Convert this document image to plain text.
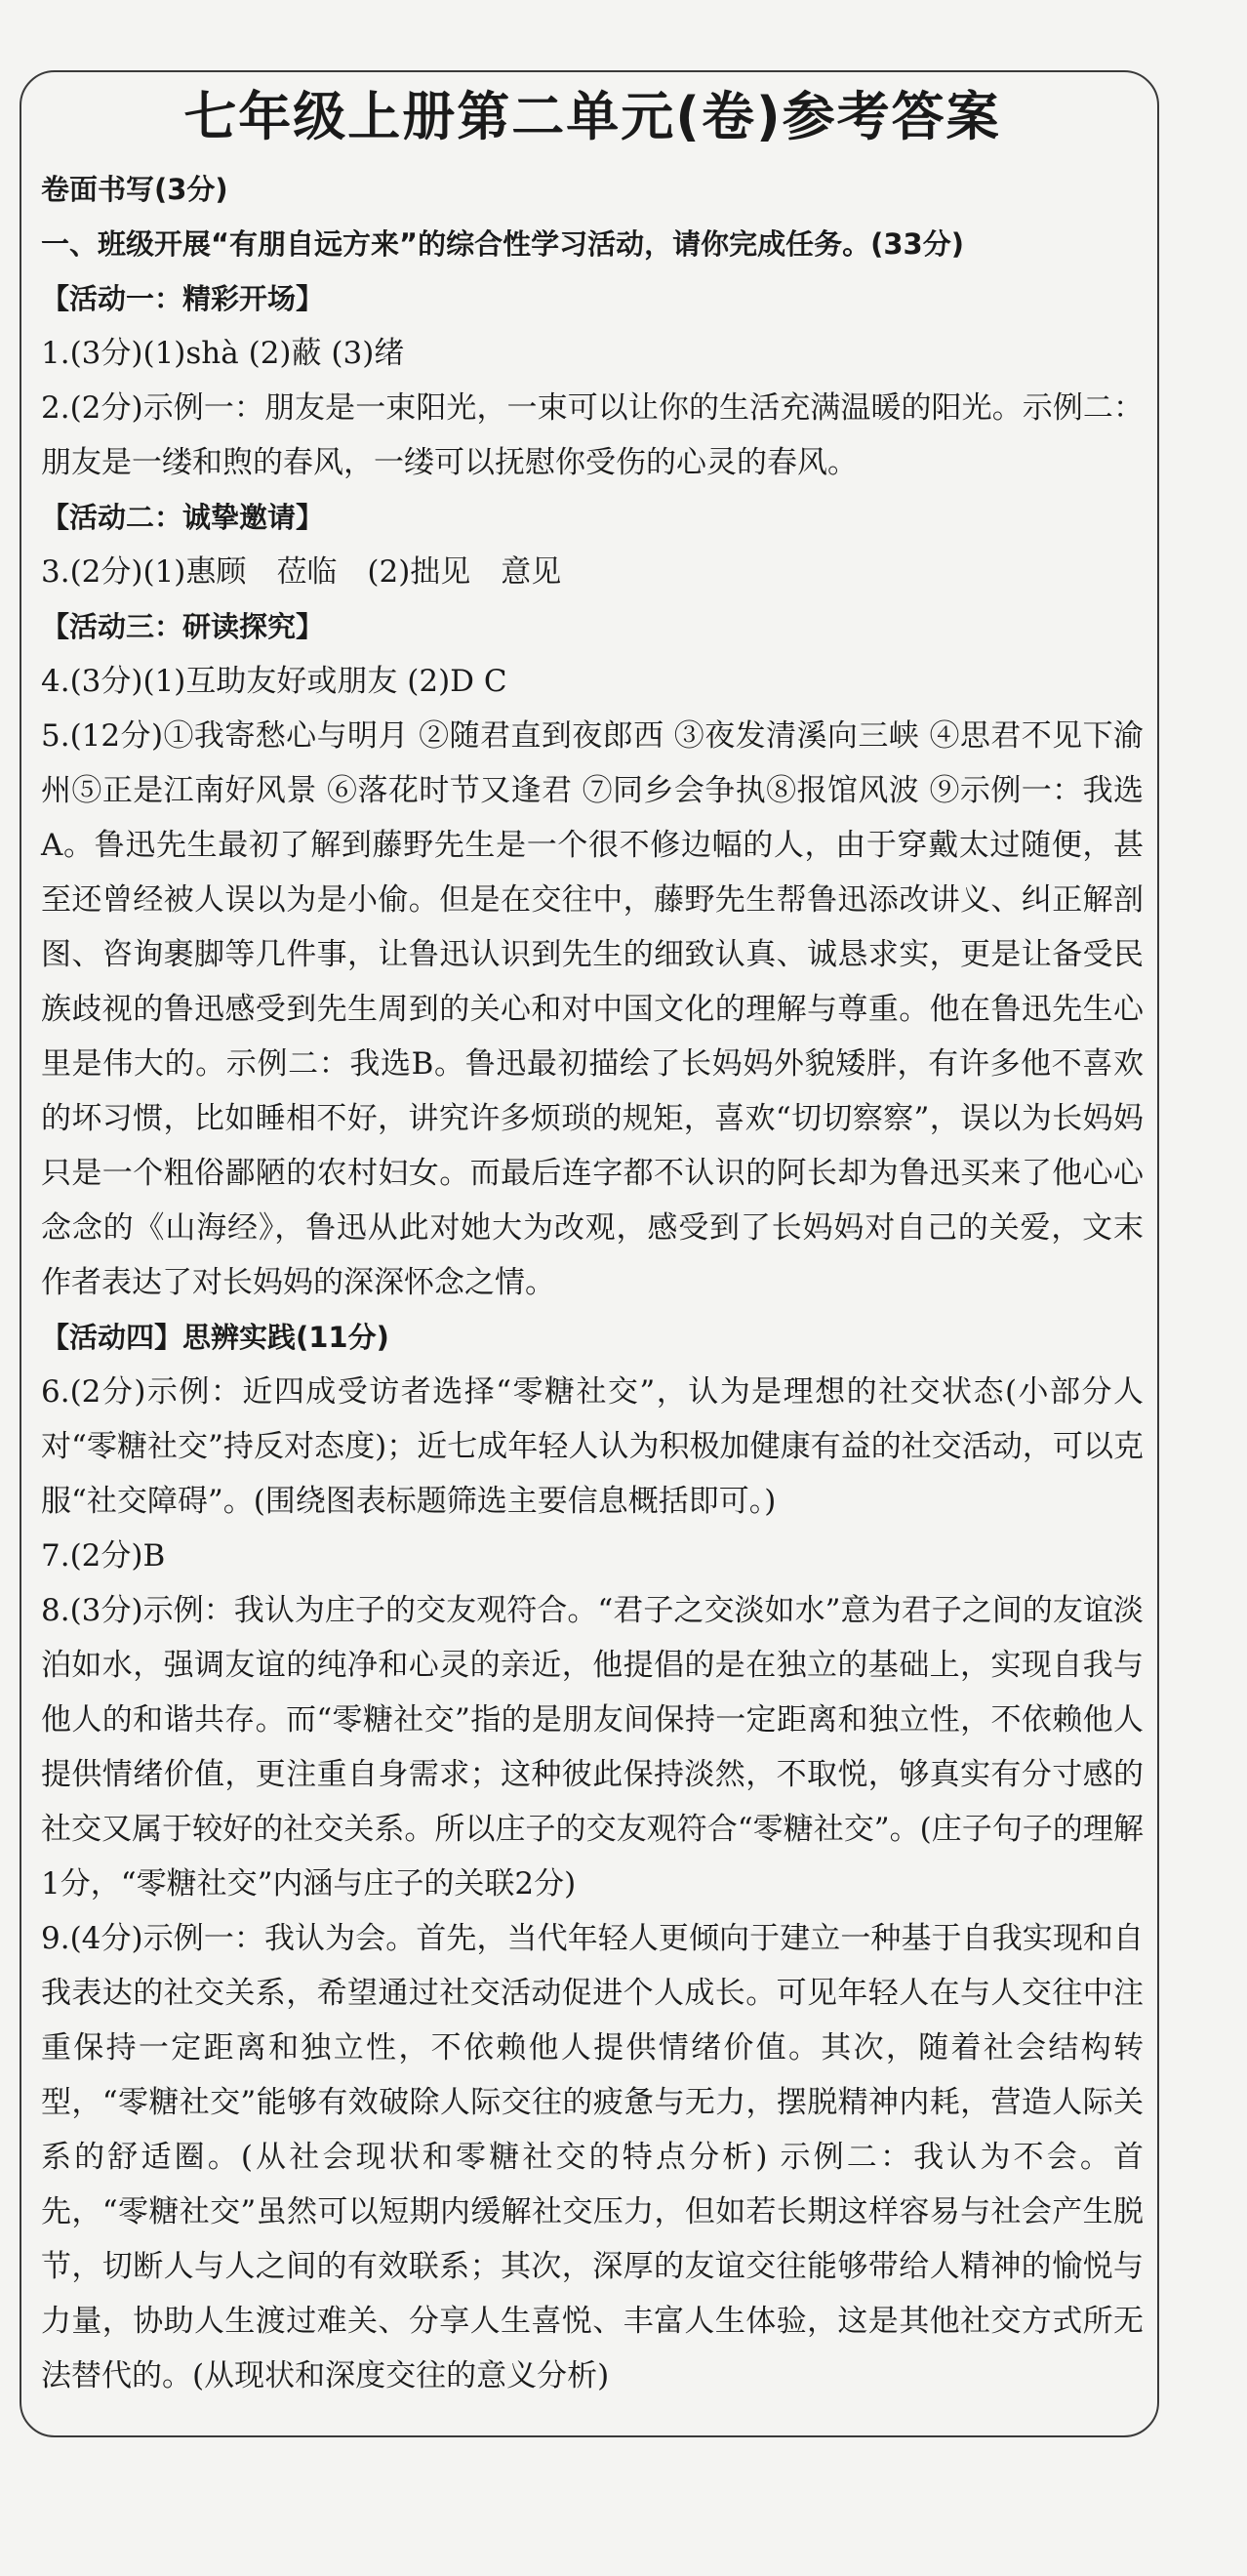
七年级上册第二单元(卷)参考答案
卷面书写(3分)
一、班级开展“有朋自远方来”的综合性学习活动，请你完成任务。(33分)
【活动一：精彩开场】
1.(3分)(1)shà (2)蔽 (3)绪
2.(2分)示例一：朋友是一束阳光，一束可以让你的生活充满温暖的阳光。示例二：朋友是一缕和煦的春风，一缕可以抚慰你受伤的心灵的春风。
【活动二：诚挚邀请】
3.(2分)(1)惠顾　莅临　(2)拙见　意见
【活动三：研读探究】
4.(3分)(1)互助友好或朋友 (2)D C
5.(12分)①我寄愁心与明月 ②随君直到夜郎西 ③夜发清溪向三峡 ④思君不见下渝州⑤正是江南好风景 ⑥落花时节又逢君 ⑦同乡会争执⑧报馆风波 ⑨示例一：我选A。鲁迅先生最初了解到藤野先生是一个很不修边幅的人，由于穿戴太过随便，甚至还曾经被人误以为是小偷。但是在交往中，藤野先生帮鲁迅添改讲义、纠正解剖图、咨询裹脚等几件事，让鲁迅认识到先生的细致认真、诚恳求实，更是让备受民族歧视的鲁迅感受到先生周到的关心和对中国文化的理解与尊重。他在鲁迅先生心里是伟大的。示例二：我选B。鲁迅最初描绘了长妈妈外貌矮胖，有许多他不喜欢的坏习惯，比如睡相不好，讲究许多烦琐的规矩，喜欢“切切察察”，误以为长妈妈只是一个粗俗鄙陋的农村妇女。而最后连字都不认识的阿长却为鲁迅买来了他心心念念的《山海经》，鲁迅从此对她大为改观，感受到了长妈妈对自己的关爱，文末作者表达了对长妈妈的深深怀念之情。
【活动四】思辨实践(11分)
6.(2分)示例：近四成受访者选择“零糖社交”，认为是理想的社交状态(小部分人对“零糖社交”持反对态度)；近七成年轻人认为积极加健康有益的社交活动，可以克服“社交障碍”。(围绕图表标题筛选主要信息概括即可。)
7.(2分)B
8.(3分)示例：我认为庄子的交友观符合。“君子之交淡如水”意为君子之间的友谊淡泊如水，强调友谊的纯净和心灵的亲近，他提倡的是在独立的基础上，实现自我与他人的和谐共存。而“零糖社交”指的是朋友间保持一定距离和独立性，不依赖他人提供情绪价值，更注重自身需求；这种彼此保持淡然，不取悦，够真实有分寸感的社交又属于较好的社交关系。所以庄子的交友观符合“零糖社交”。(庄子句子的理解1分，“零糖社交”内涵与庄子的关联2分)
9.(4分)示例一：我认为会。首先，当代年轻人更倾向于建立一种基于自我实现和自我表达的社交关系，希望通过社交活动促进个人成长。可见年轻人在与人交往中注重保持一定距离和独立性，不依赖他人提供情绪价值。其次，随着社会结构转型，“零糖社交”能够有效破除人际交往的疲惫与无力，摆脱精神内耗，营造人际关系的舒适圈。(从社会现状和零糖社交的特点分析) 示例二：我认为不会。首先，“零糖社交”虽然可以短期内缓解社交压力，但如若长期这样容易与社会产生脱节，切断人与人之间的有效联系；其次，深厚的友谊交往能够带给人精神的愉悦与力量，协助人生渡过难关、分享人生喜悦、丰富人生体验，这是其他社交方式所无法替代的。(从现状和深度交往的意义分析)
